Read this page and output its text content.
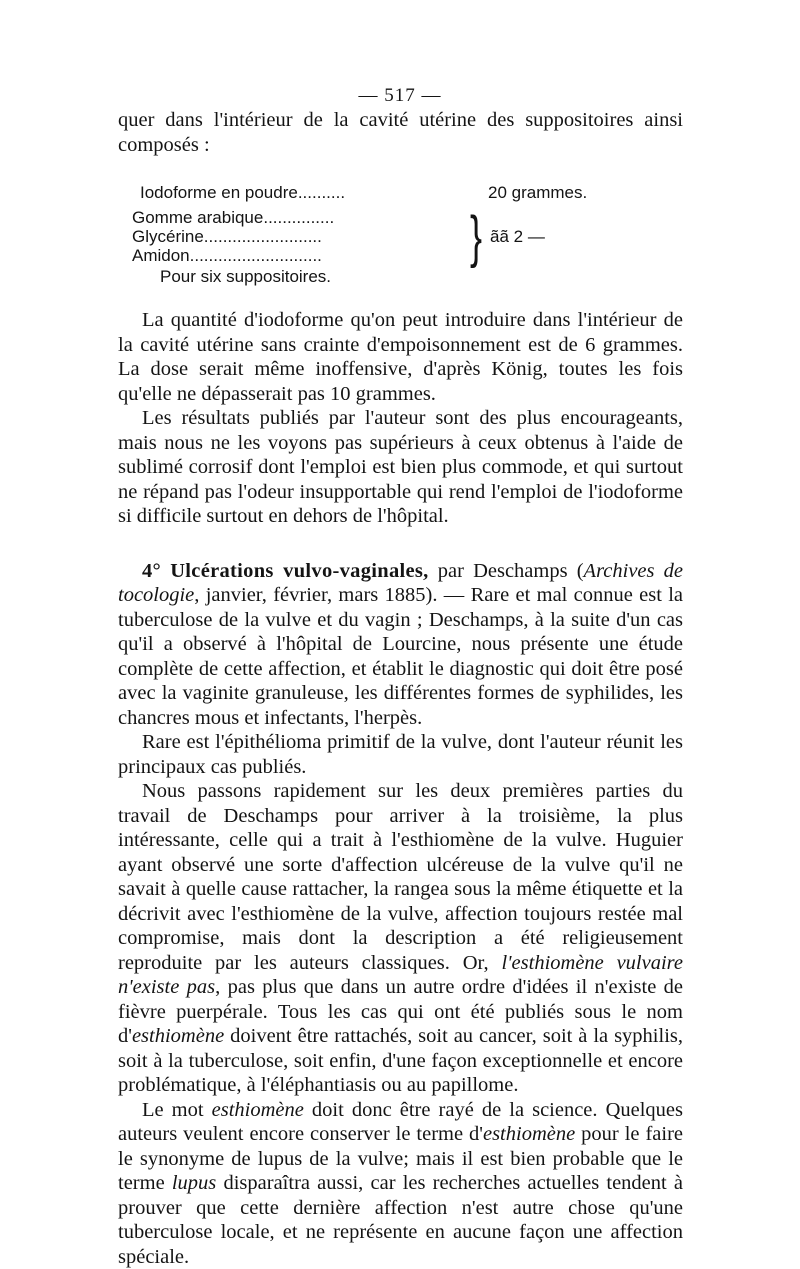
— 517 —

quer dans l'intérieur de la cavité utérine des suppositoires ainsi composés :

Iodoforme en poudre..........	20 grammes.
Gomme arabique...............
Glycérine.........................
Amidon............................	} ãã 2 —
Pour six suppositoires.

La quantité d'iodoforme qu'on peut introduire dans l'intérieur de la cavité utérine sans crainte d'empoisonnement est de 6 grammes. La dose serait même inoffensive, d'après König, toutes les fois qu'elle ne dépasserait pas 10 grammes.

Les résultats publiés par l'auteur sont des plus encourageants, mais nous ne les voyons pas supérieurs à ceux obtenus à l'aide de sublimé corrosif dont l'emploi est bien plus commode, et qui surtout ne répand pas l'odeur insupportable qui rend l'emploi de l'iodoforme si difficile surtout en dehors de l'hôpital.

4° Ulcérations vulvo-vaginales, par Deschamps (Archives de tocologie, janvier, février, mars 1885). — Rare et mal connue est la tuberculose de la vulve et du vagin ; Deschamps, à la suite d'un cas qu'il a observé à l'hôpital de Lourcine, nous présente une étude complète de cette affection, et établit le diagnostic qui doit être posé avec la vaginite granuleuse, les différentes formes de syphilides, les chancres mous et infectants, l'herpès.

Rare est l'épithélioma primitif de la vulve, dont l'auteur réunit les principaux cas publiés.

Nous passons rapidement sur les deux premières parties du travail de Deschamps pour arriver à la troisième, la plus intéressante, celle qui a trait à l'esthiomène de la vulve. Huguier ayant observé une sorte d'affection ulcéreuse de la vulve qu'il ne savait à quelle cause rattacher, la rangea sous la même étiquette et la décrivit avec l'esthiomène de la vulve, affection toujours restée mal compromise, mais dont la description a été religieusement reproduite par les auteurs classiques. Or, l'esthiomène vulvaire n'existe pas, pas plus que dans un autre ordre d'idées il n'existe de fièvre puerpérale. Tous les cas qui ont été publiés sous le nom d'esthiomène doivent être rattachés, soit au cancer, soit à la syphilis, soit à la tuberculose, soit enfin, d'une façon exceptionnelle et encore problématique, à l'éléphantiasis ou au papillome.

Le mot esthiomène doit donc être rayé de la science. Quelques auteurs veulent encore conserver le terme d'esthiomène pour le faire le synonyme de lupus de la vulve; mais il est bien probable que le terme lupus disparaîtra aussi, car les recherches actuelles tendent à prouver que cette dernière affection n'est autre chose qu'une tuberculose locale, et ne représente en aucune façon une affection spéciale.
